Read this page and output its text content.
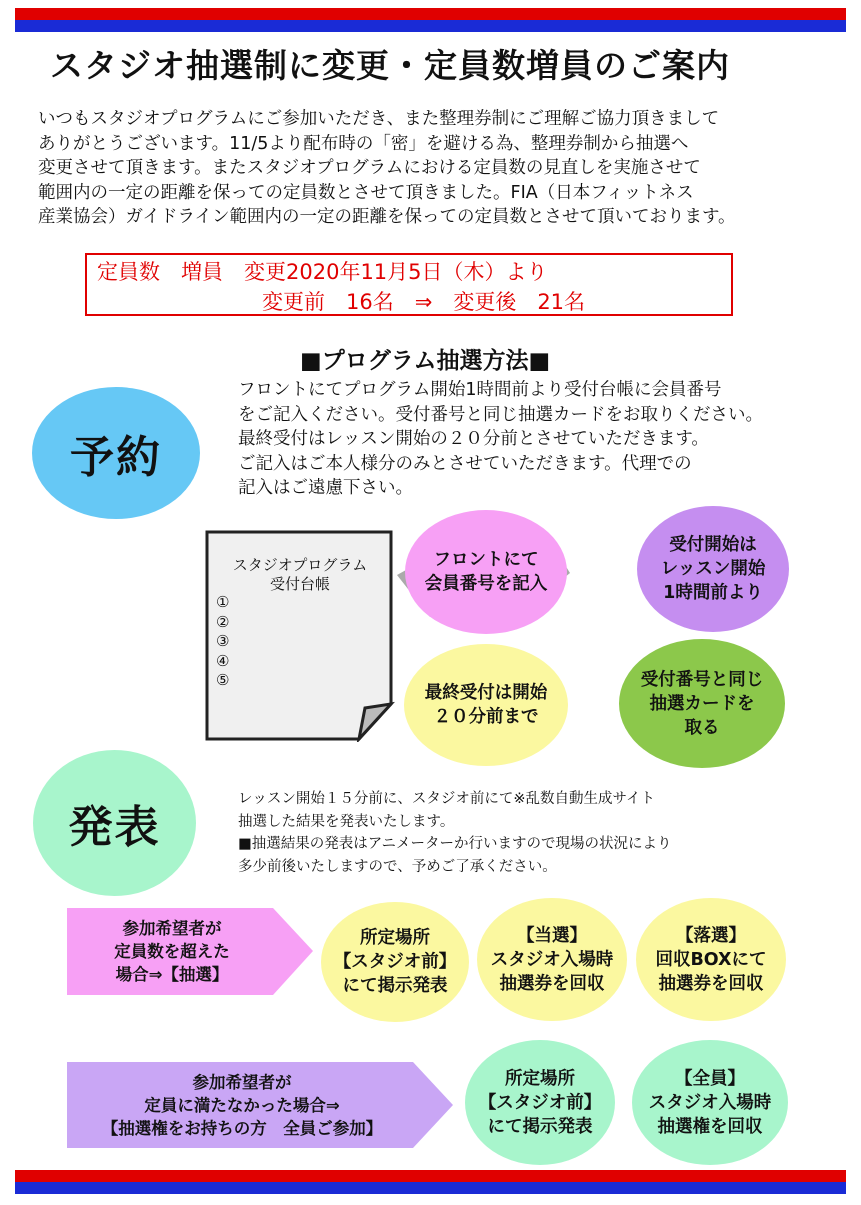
スタジオ抽選制に変更・定員数増員のご案内
いつもスタジオプログラムにご参加いただき、また整理券制にご理解ご協力頂きまして
ありがとうございます。11/5より配布時の「密」を避ける為、整理券制から抽選へ
変更させて頂きます。またスタジオプログラムにおける定員数の見直しを実施させて
範囲内の一定の距離を保っての定員数とさせて頂きました。FIA（日本フィットネス
産業協会）ガイドライン範囲内の一定の距離を保っての定員数とさせて頂いております。
定員数　増員　変更2020年11月5日（木）より
変更前　16名　⇒　変更後　21名
■プログラム抽選方法■
予約
フロントにてプログラム開始1時間前より受付台帳に会員番号
をご記入ください。受付番号と同じ抽選カードをお取りください。
最終受付はレッスン開始の２０分前とさせていただきます。
ご記入はご本人様分のみとさせていただきます。代理での
記入はご遠慮下さい。
スタジオプログラム
受付台帳
①
②
③
④
⑤
フロントにて
会員番号を記入
受付開始は
レッスン開始
1時間前より
最終受付は開始
２０分前まで
受付番号と同じ
抽選カードを
取る
発表
レッスン開始１５分前に、スタジオ前にて※乱数自動生成サイト
抽選した結果を発表いたします。
■抽選結果の発表はアニメーターか行いますので現場の状況により
多少前後いたしますので、予めご了承ください。
参加希望者が
定員数を超えた
場合⇒【抽選】
所定場所
【スタジオ前】
にて掲示発表
【当選】
スタジオ入場時
抽選券を回収
【落選】
回収BOXにて
抽選券を回収
参加希望者が
定員に満たなかった場合⇒
【抽選権をお持ちの方　全員ご参加】
所定場所
【スタジオ前】
にて掲示発表
【全員】
スタジオ入場時
抽選権を回収
